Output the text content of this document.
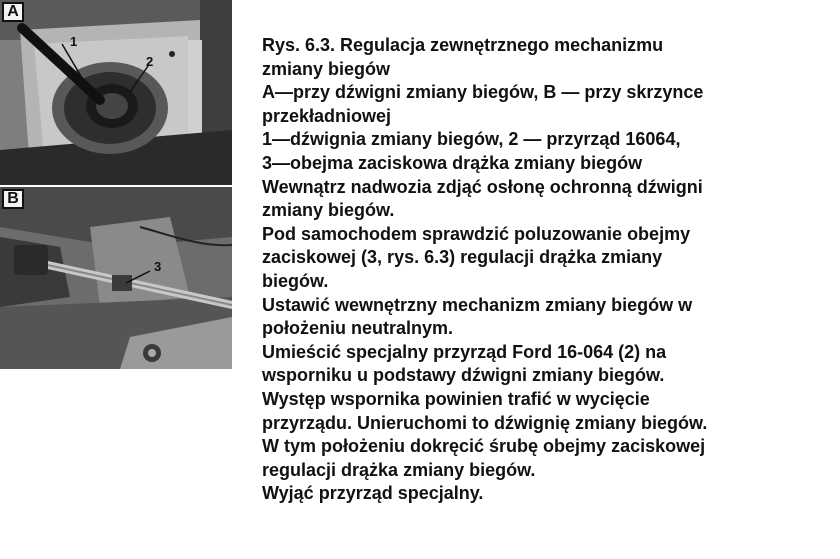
A
1
2
B
3
Rys. 6.3. Regulacja zewnętrznego mechanizmu
zmiany biegów
A—przy dźwigni zmiany biegów, B — przy skrzynce
przekładniowej
1—dźwignia zmiany biegów, 2 — przyrząd 16064,
3—obejma zaciskowa drążka zmiany biegów
Wewnątrz nadwozia zdjąć osłonę ochronną dźwigni
zmiany biegów.
Pod samochodem sprawdzić poluzowanie obejmy
zaciskowej (3, rys. 6.3) regulacji drążka zmiany
biegów.
Ustawić wewnętrzny mechanizm zmiany biegów w
położeniu neutralnym.
Umieścić specjalny przyrząd Ford 16-064 (2) na
wsporniku u podstawy dźwigni zmiany biegów.
Występ wspornika powinien trafić w wycięcie
przyrządu. Unieruchomi to dźwignię zmiany biegów.
W tym położeniu dokręcić śrubę obejmy zaciskowej
regulacji drążka zmiany biegów.
Wyjąć przyrząd specjalny.
